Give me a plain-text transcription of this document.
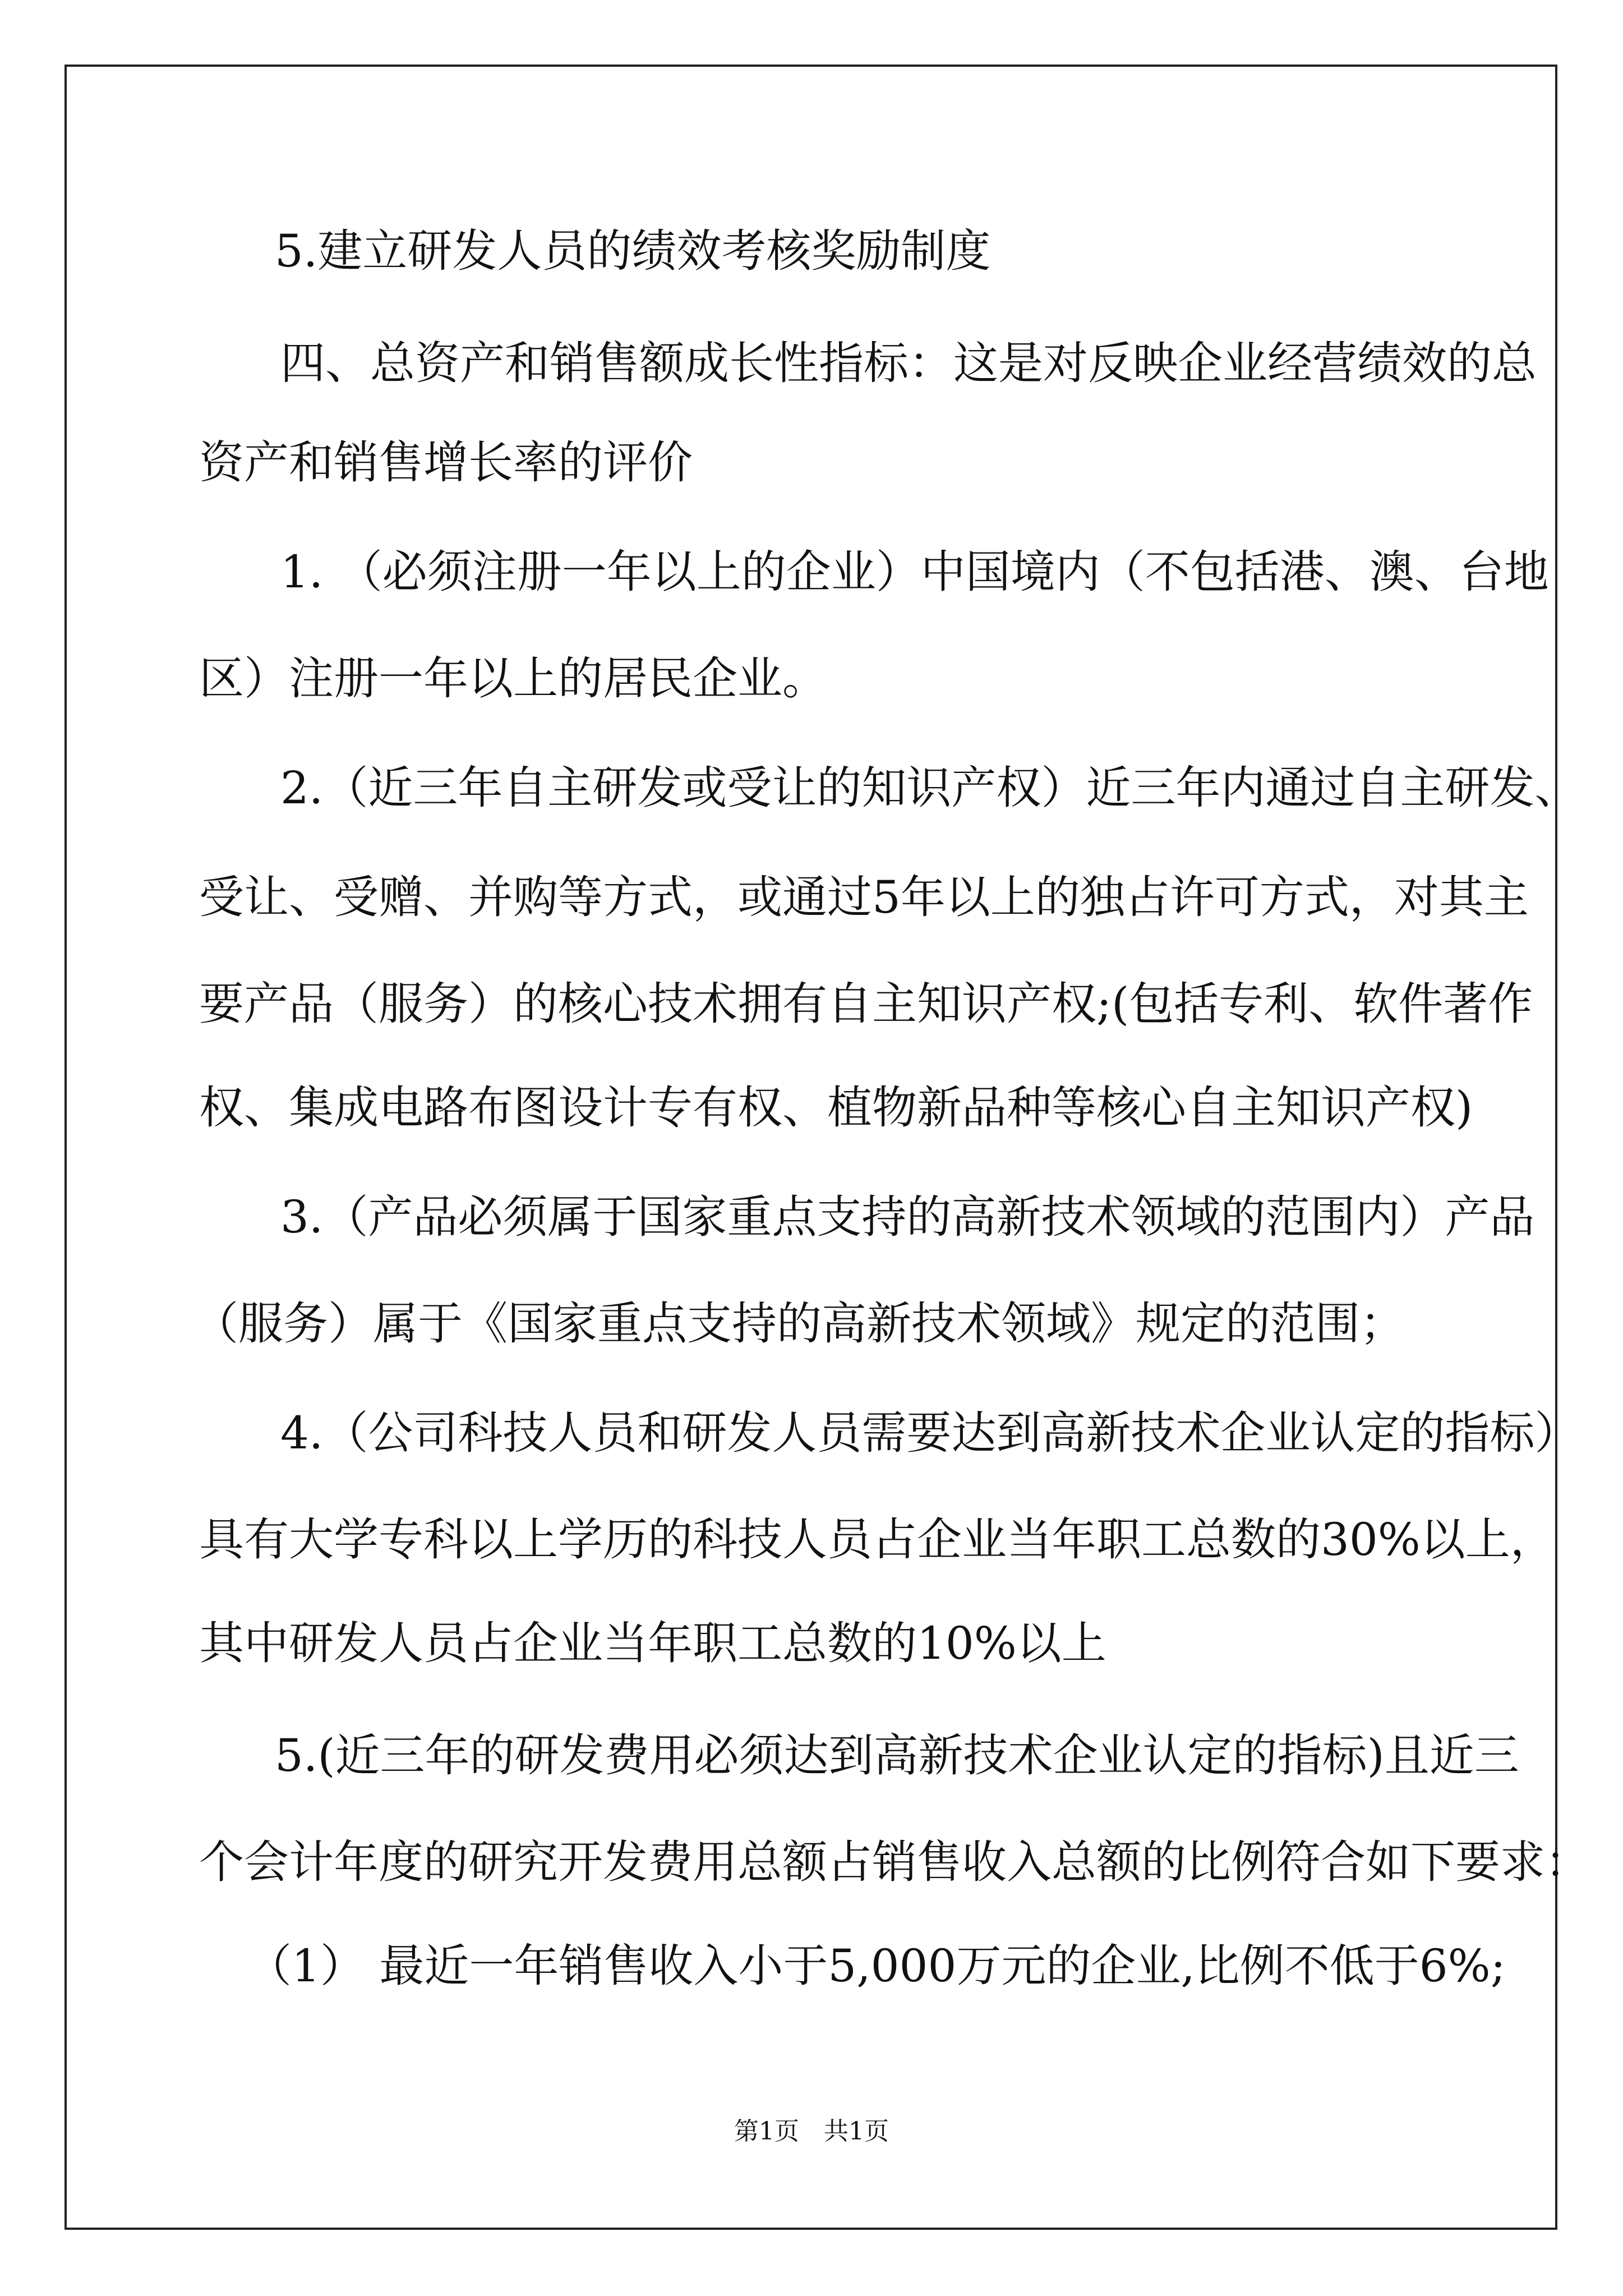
5.建立研发人员的绩效考核奖励制度

四、总资产和销售额成长性指标：这是对反映企业经营绩效的总

资产和销售增长率的评价

1. （必须注册一年以上的企业）中国境内（不包括港、澳、台地

区）注册一年以上的居民企业。

2.（近三年自主研发或受让的知识产权）近三年内通过自主研发、

受让、受赠、并购等方式，或通过5年以上的独占许可方式，对其主

要产品（服务）的核心技术拥有自主知识产权;(包括专利、软件著作

权、集成电路布图设计专有权、植物新品种等核心自主知识产权)

3.（产品必须属于国家重点支持的高新技术领域的范围内）产品

（服务）属于《国家重点支持的高新技术领域》规定的范围；

4.（公司科技人员和研发人员需要达到高新技术企业认定的指标）

具有大学专科以上学历的科技人员占企业当年职工总数的30%以上，

其中研发人员占企业当年职工总数的10%以上

5.(近三年的研发费用必须达到高新技术企业认定的指标)且近三

个会计年度的研究开发费用总额占销售收入总额的比例符合如下要求：

（1） 最近一年销售收入小于5,000万元的企业,比例不低于6%;

第1页　共1页
